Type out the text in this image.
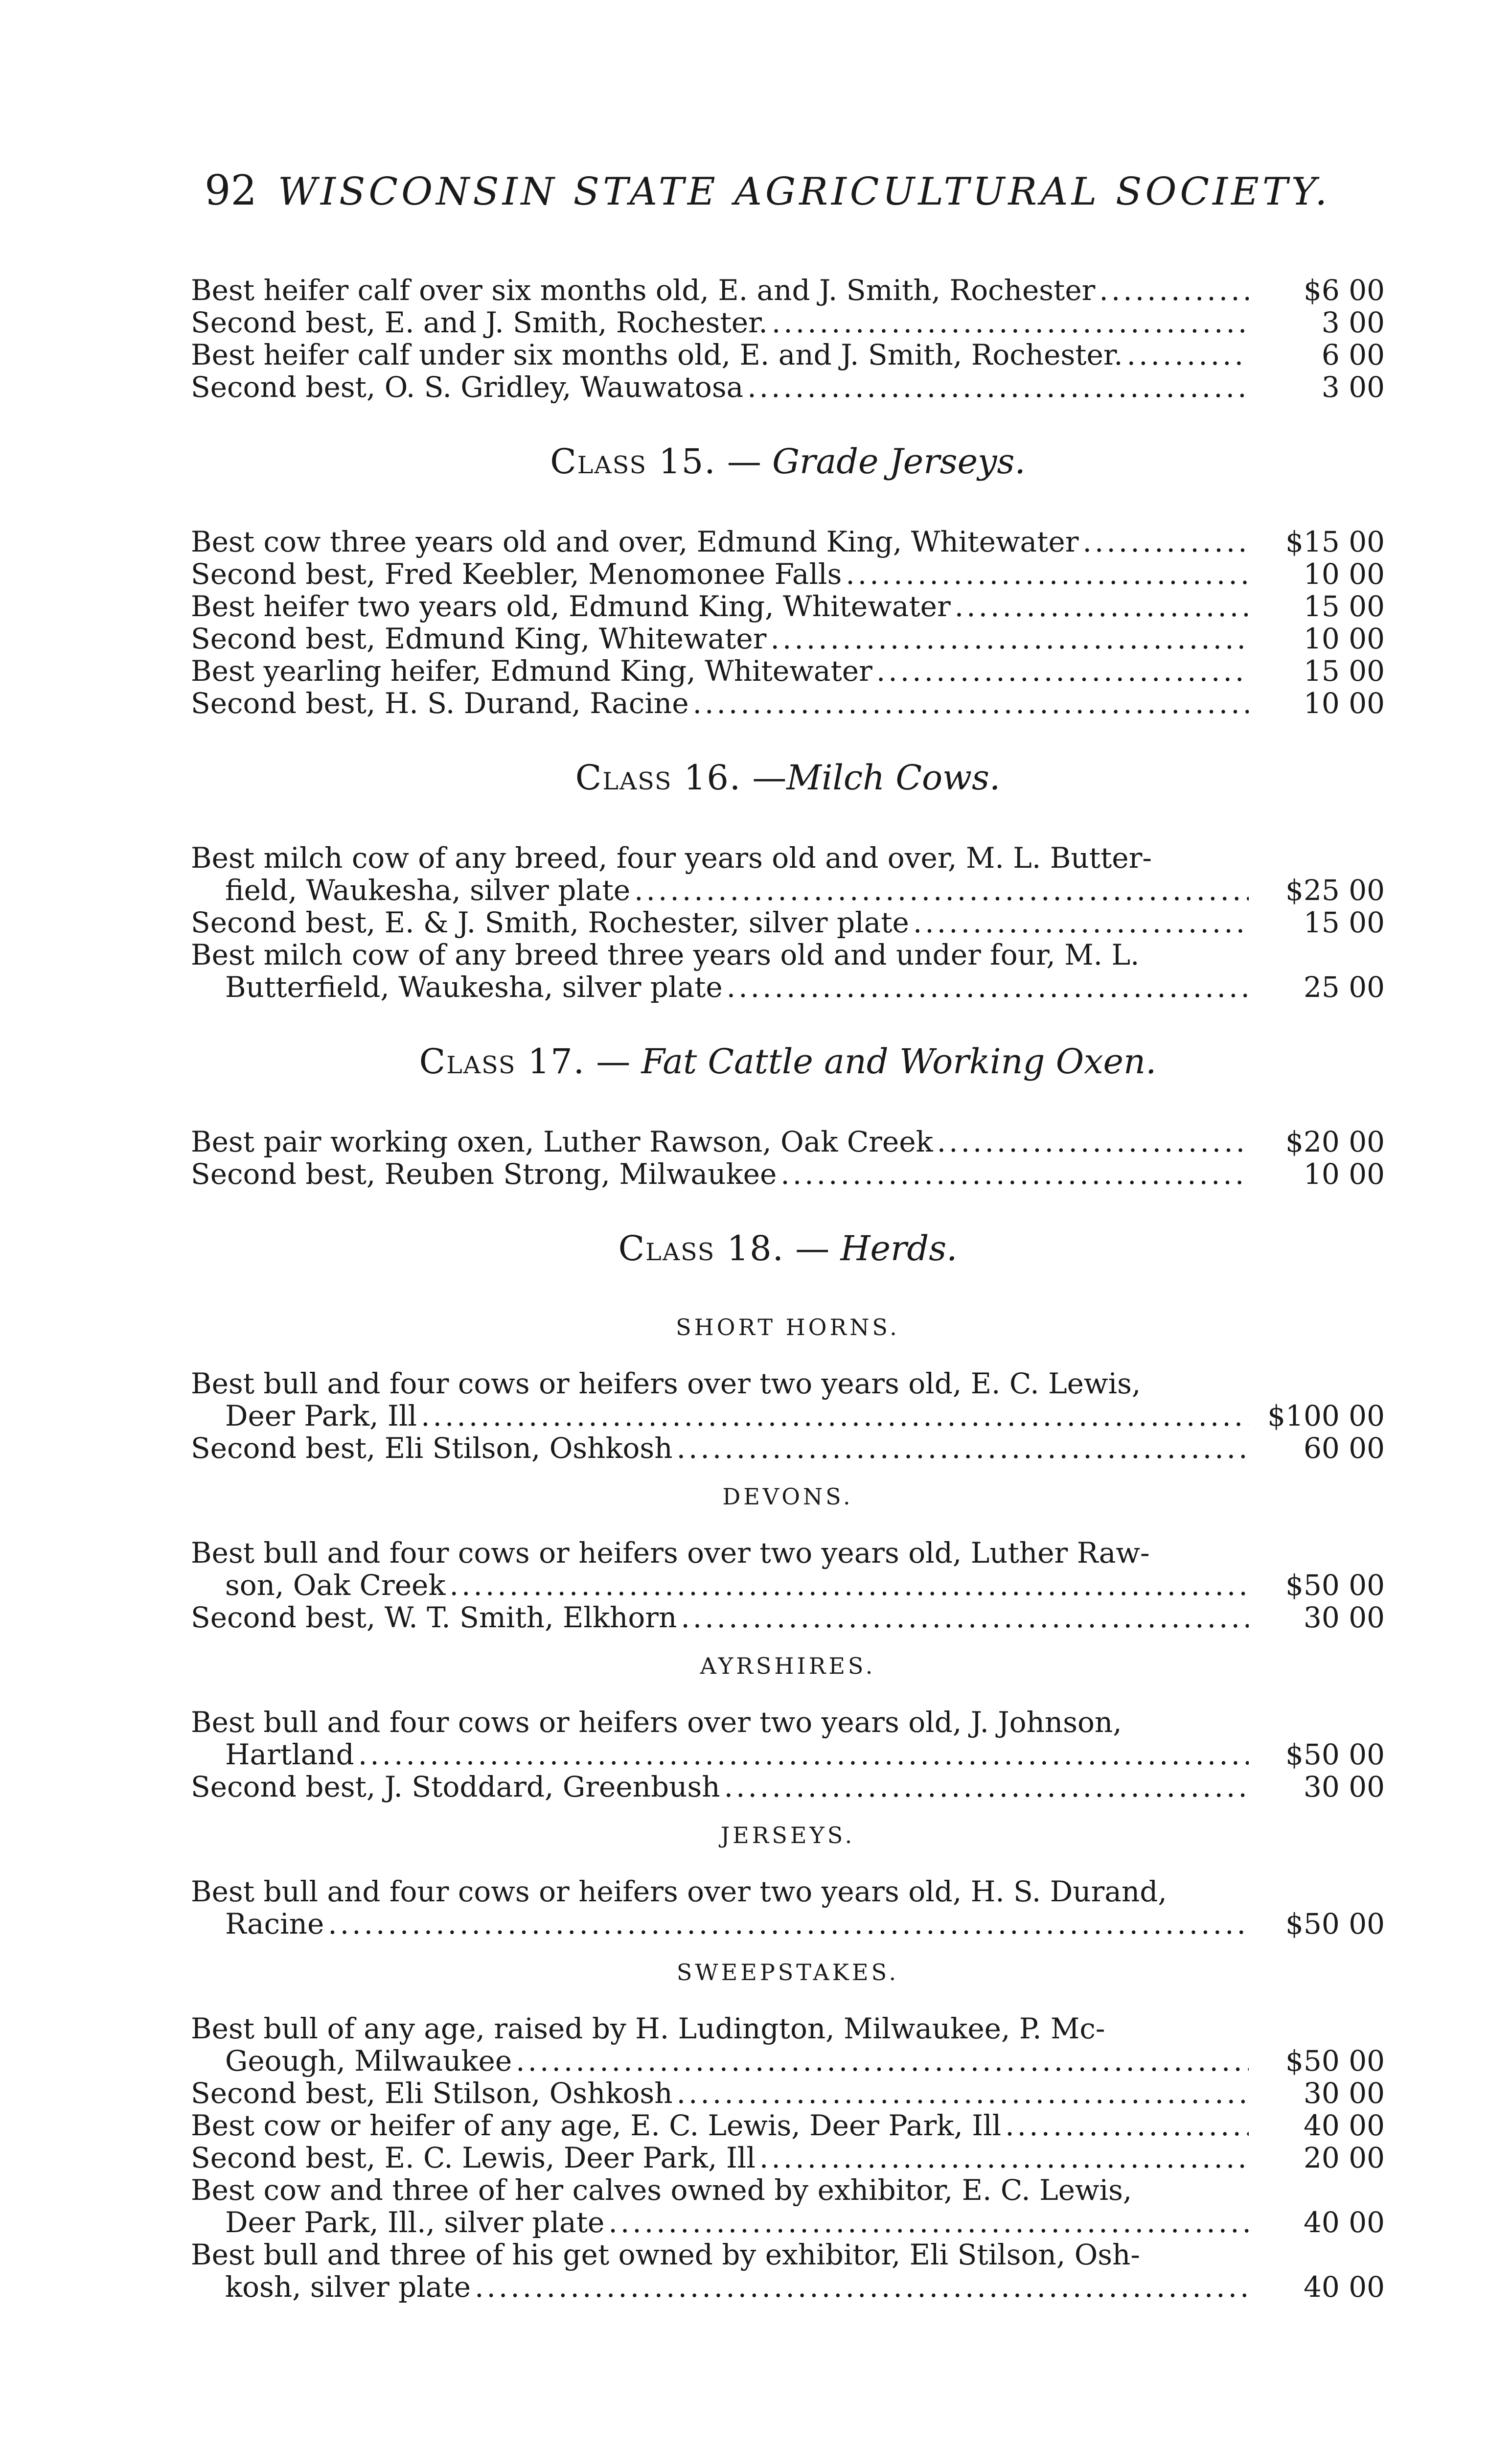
92 WISCONSIN STATE AGRICULTURAL SOCIETY.
Best heifer calf over six months old, E. and J. Smith, Rochester .....	$6 00
Second best, E. and J. Smith, Rochester. .....	3 00
Best heifer calf under six months old, E. and J. Smith, Rochester. .....	6 00
Second best, O. S. Gridley, Wauwatosa .....	3 00
Class 15. — Grade Jerseys.
Best cow three years old and over, Edmund King, Whitewater .....	$15 00
Second best, Fred Keebler, Menomonee Falls .....	10 00
Best heifer two years old, Edmund King, Whitewater .....	15 00
Second best, Edmund King, Whitewater .....	10 00
Best yearling heifer, Edmund King, Whitewater .....	15 00
Second best, H. S. Durand, Racine .....	10 00
Class 16. —Milch Cows.
Best milch cow of any breed, four years old and over, M. L. Butter-
field, Waukesha, silver plate .....	$25 00
Second best, E. & J. Smith, Rochester, silver plate .....	15 00
Best milch cow of any breed three years old and under four, M. L.
Butterfield, Waukesha, silver plate .....	25 00
Class 17. — Fat Cattle and Working Oxen.
Best pair working oxen, Luther Rawson, Oak Creek .....	$20 00
Second best, Reuben Strong, Milwaukee .....	10 00
Class 18. — Herds.
SHORT HORNS.
Best bull and four cows or heifers over two years old, E. C. Lewis,
Deer Park, Ill .....	$100 00
Second best, Eli Stilson, Oshkosh .....	60 00
DEVONS.
Best bull and four cows or heifers over two years old, Luther Raw-
son, Oak Creek .....	$50 00
Second best, W. T. Smith, Elkhorn .....	30 00
AYRSHIRES.
Best bull and four cows or heifers over two years old, J. Johnson,
Hartland .....	$50 00
Second best, J. Stoddard, Greenbush .....	30 00
JERSEYS.
Best bull and four cows or heifers over two years old, H. S. Durand,
Racine .....	$50 00
SWEEPSTAKES.
Best bull of any age, raised by H. Ludington, Milwaukee, P. Mc-
Geough, Milwaukee .....	$50 00
Second best, Eli Stilson, Oshkosh .....	30 00
Best cow or heifer of any age, E. C. Lewis, Deer Park, Ill .....	40 00
Second best, E. C. Lewis, Deer Park, Ill .....	20 00
Best cow and three of her calves owned by exhibitor, E. C. Lewis,
Deer Park, Ill., silver plate .....	40 00
Best bull and three of his get owned by exhibitor, Eli Stilson, Osh-
kosh, silver plate .....	40 00
